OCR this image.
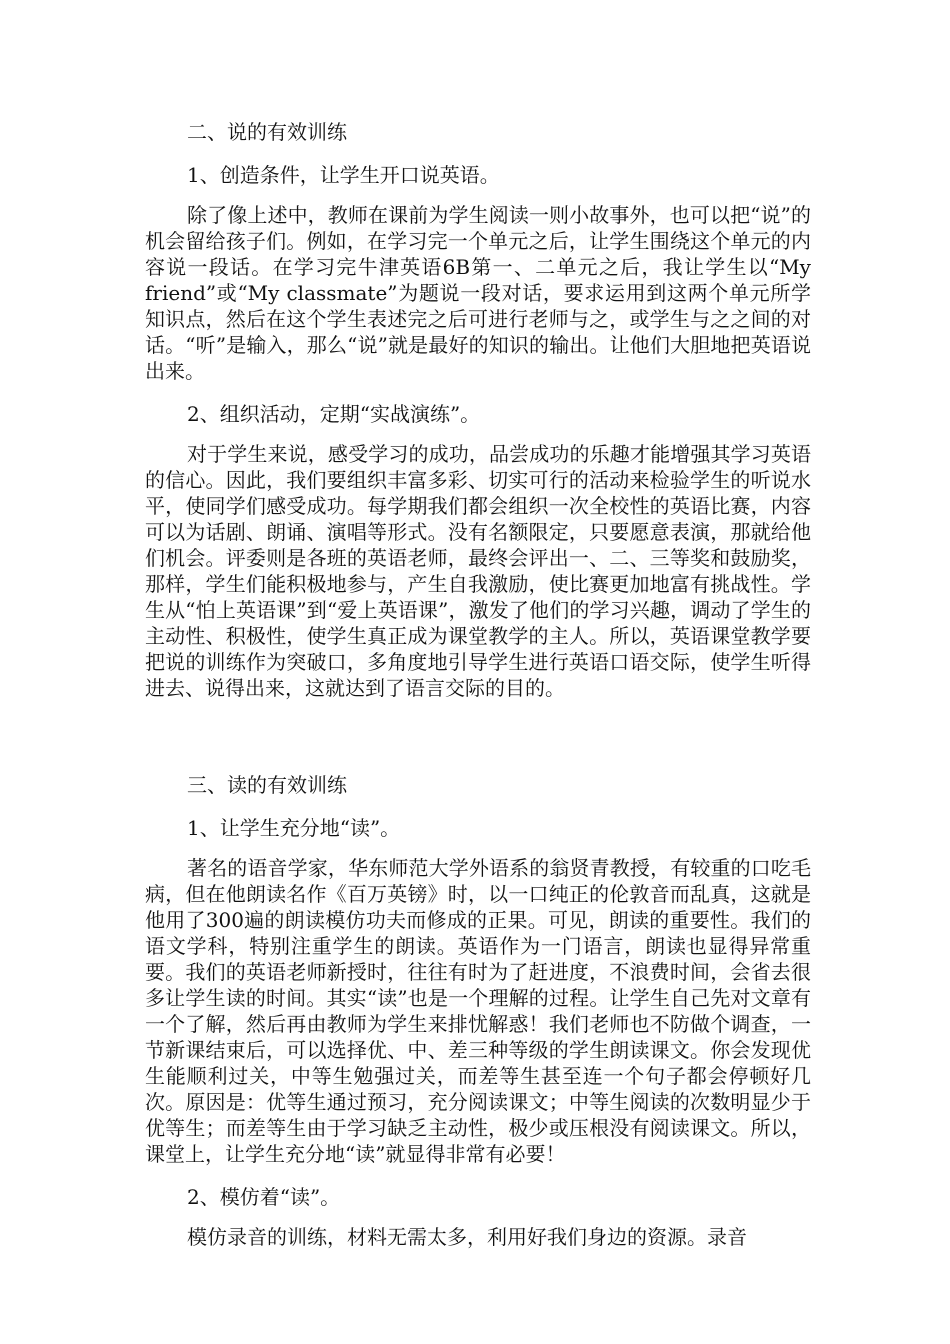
二、说的有效训练

1、创造条件，让学生开口说英语。

除了像上述中，教师在课前为学生阅读一则小故事外，也可以把“说”的机会留给孩子们。例如，在学习完一个单元之后，让学生围绕这个单元的内容说一段话。在学习完牛津英语6B第一、二单元之后，我让学生以“My friend”或“My classmate”为题说一段对话，要求运用到这两个单元所学知识点，然后在这个学生表述完之后可进行老师与之，或学生与之之间的对话。“听”是输入，那么“说”就是最好的知识的输出。让他们大胆地把英语说出来。

2、组织活动，定期“实战演练”。

对于学生来说，感受学习的成功，品尝成功的乐趣才能增强其学习英语的信心。因此，我们要组织丰富多彩、切实可行的活动来检验学生的听说水平，使同学们感受成功。每学期我们都会组织一次全校性的英语比赛，内容可以为话剧、朗诵、演唱等形式。没有名额限定，只要愿意表演，那就给他们机会。评委则是各班的英语老师，最终会评出一、二、三等奖和鼓励奖，那样，学生们能积极地参与，产生自我激励，使比赛更加地富有挑战性。学生从“怕上英语课”到“爱上英语课”，激发了他们的学习兴趣，调动了学生的主动性、积极性，使学生真正成为课堂教学的主人。所以，英语课堂教学要把说的训练作为突破口，多角度地引导学生进行英语口语交际，使学生听得进去、说得出来，这就达到了语言交际的目的。

三、读的有效训练

1、让学生充分地“读”。

著名的语音学家，华东师范大学外语系的翁贤青教授，有较重的口吃毛病，但在他朗读名作《百万英镑》时，以一口纯正的伦敦音而乱真，这就是他用了300遍的朗读模仿功夫而修成的正果。可见，朗读的重要性。我们的语文学科，特别注重学生的朗读。英语作为一门语言，朗读也显得异常重要。我们的英语老师新授时，往往有时为了赶进度，不浪费时间，会省去很多让学生读的时间。其实“读”也是一个理解的过程。让学生自己先对文章有一个了解，然后再由教师为学生来排忧解惑！我们老师也不防做个调查，一节新课结束后，可以选择优、中、差三种等级的学生朗读课文。你会发现优生能顺利过关，中等生勉强过关，而差等生甚至连一个句子都会停顿好几次。原因是：优等生通过预习，充分阅读课文；中等生阅读的次数明显少于优等生；而差等生由于学习缺乏主动性，极少或压根没有阅读课文。所以，课堂上，让学生充分地“读”就显得非常有必要！

2、模仿着“读”。

模仿录音的训练，材料无需太多，利用好我们身边的资源。录音
